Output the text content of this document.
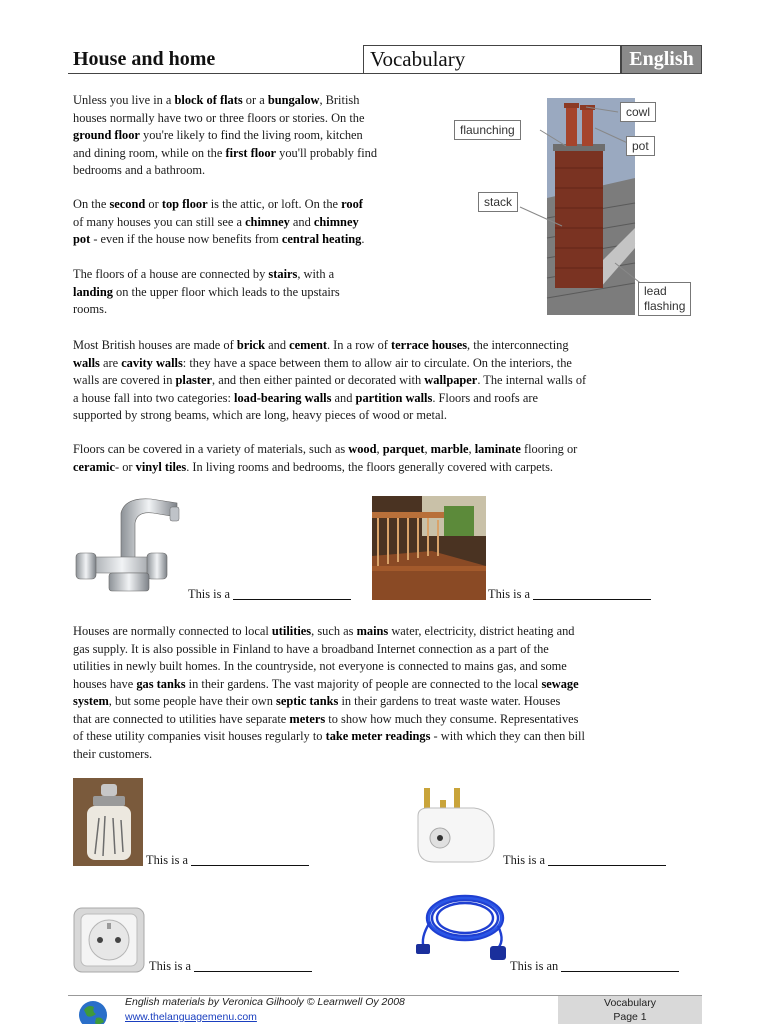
House and home	Vocabulary	English

Unless you live in a block of flats or a bungalow, British
houses normally have two or three floors or stories. On the
ground floor you're likely to find the living room, kitchen
and dining room, while on the first floor you'll probably find
bedrooms and a bathroom.

On the second or top floor is the attic, or loft. On the roof
of many houses you can still see a chimney and chimney
pot - even if the house now benefits from central heating.

The floors of a house are connected by stairs, with a
landing on the upper floor which leads to the upstairs
rooms.

cowl
flaunching
pot
stack
lead
flashing

Most British houses are made of brick and cement. In a row of terrace houses, the interconnecting
walls are cavity walls: they have a space between them to allow air to circulate. On the interiors, the
walls are covered in plaster, and then either painted or decorated with wallpaper. The internal walls of
a house fall into two categories: load-bearing walls and partition walls. Floors and roofs are
supported by strong beams, which are long, heavy pieces of wood or metal.

Floors can be covered in a variety of materials, such as wood, parquet, marble, laminate flooring or
ceramic- or vinyl tiles. In living rooms and bedrooms, the floors generally covered with carpets.

This is a	This is a

Houses are normally connected to local utilities, such as mains water, electricity, district heating and
gas supply. It is also possible in Finland to have a broadband Internet connection as a part of the
utilities in newly built homes. In the countryside, not everyone is connected to mains gas, and some
houses have gas tanks in their gardens. The vast majority of people are connected to the local sewage
system, but some people have their own septic tanks in their gardens to treat waste water. Houses
that are connected to utilities have separate meters to show how much they consume. Representatives
of these utility companies visit houses regularly to take meter readings - with which they can then bill
their customers.

This is a	This is a
This is a	This is an
English materials by Veronica Gilhooly © Learnwell Oy 2008
www.thelanguagemenu.com
Vocabulary
Page 1
